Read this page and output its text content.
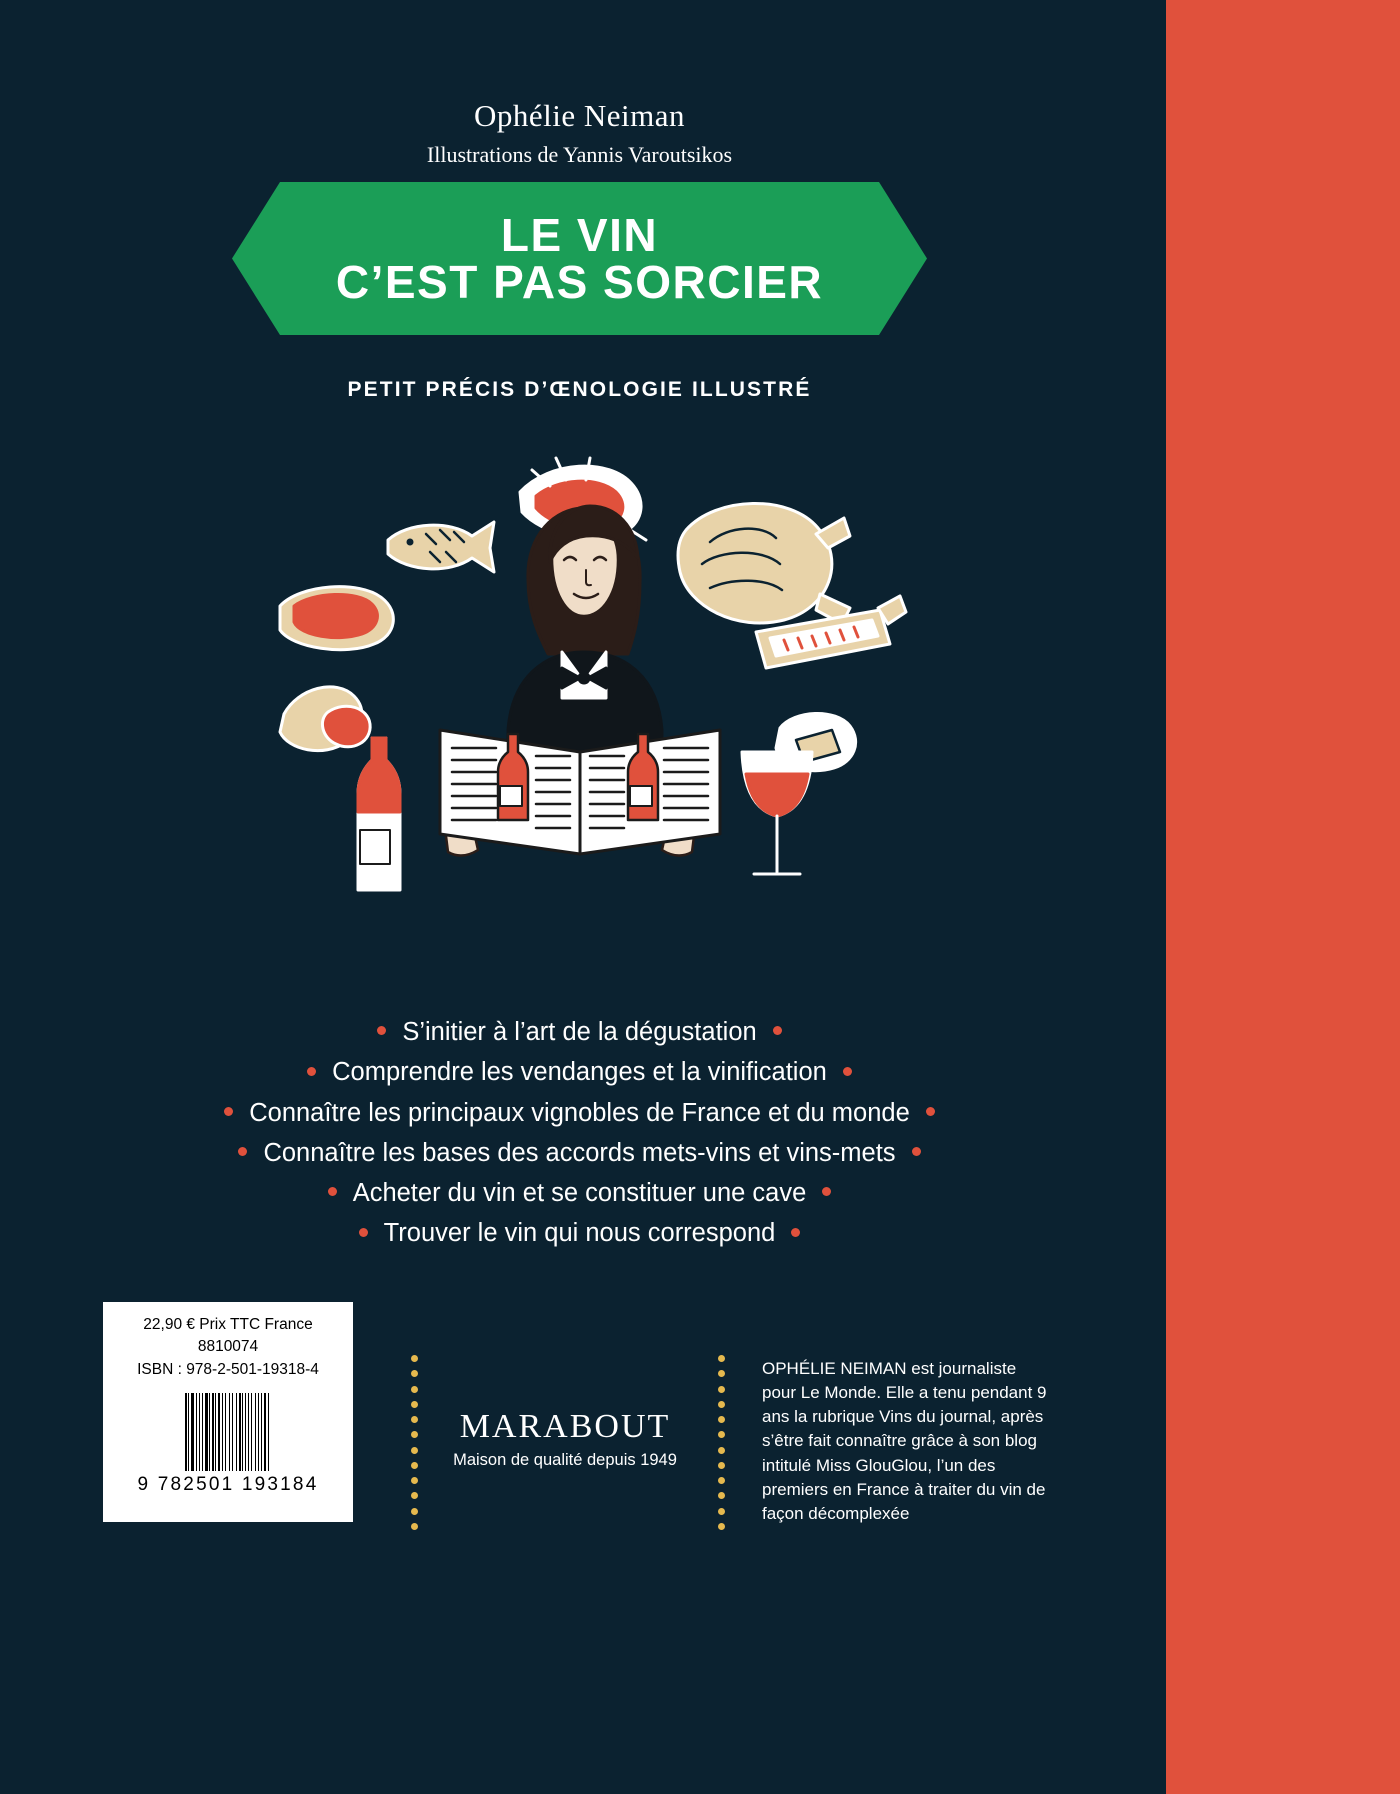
Ophélie Neiman
Illustrations de Yannis Varoutsikos
LE VIN
C’EST PAS SORCIER
PETIT PRÉCIS D’ŒNOLOGIE ILLUSTRÉ
S’initier à l’art de la dégustation
Comprendre les vendanges et la vinification
Connaître les principaux vignobles de France et du monde
Connaître les bases des accords mets-vins et vins-mets
Acheter du vin et se constituer une cave
Trouver le vin qui nous correspond
22,90 € Prix TTC France
8810074
ISBN : 978-2-501-19318-4
9 782501 193184
MARABOUT
Maison de qualité depuis 1949
OPHÉLIE NEIMAN est journaliste pour Le Monde. Elle a tenu pendant 9 ans la rubrique Vins du journal, après s’être fait connaître grâce à son blog intitulé Miss GlouGlou, l’un des premiers en France à traiter du vin de façon décomplexée
